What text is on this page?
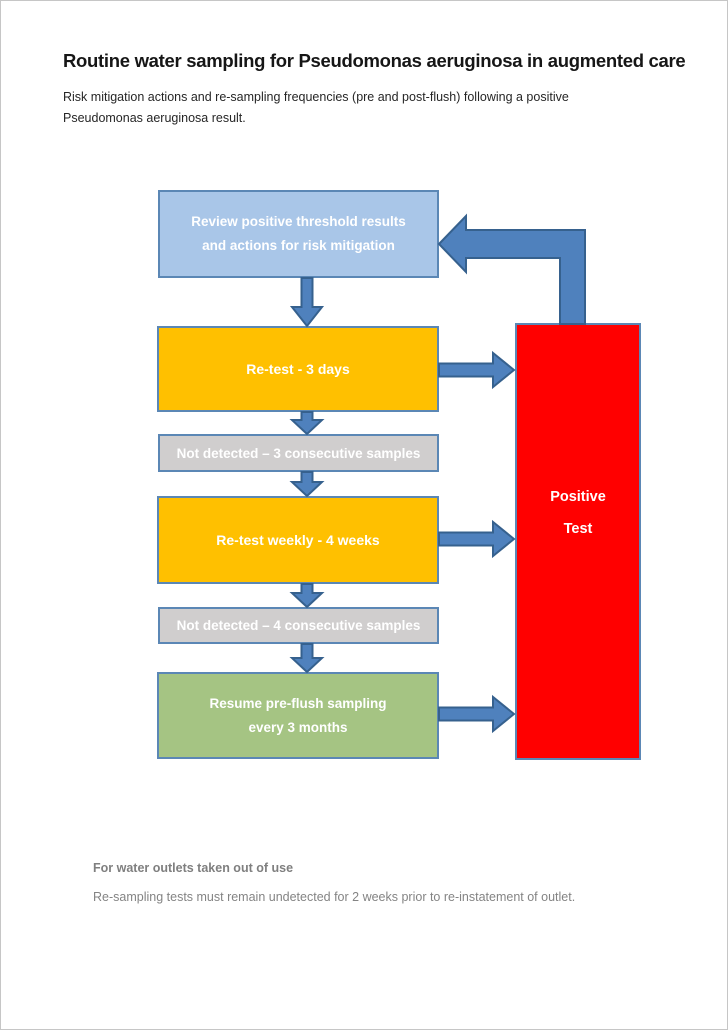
Routine water sampling for Pseudomonas aeruginosa in augmented care
Risk mitigation actions and re-sampling frequencies (pre and post-flush) following a positive Pseudomonas aeruginosa result.
Review positive threshold results
and actions for risk mitigation
Re-test - 3 days
Not detected – 3 consecutive samples
Re-test weekly - 4 weeks
Not detected – 4 consecutive samples
Resume pre-flush sampling
every 3 months
Positive
Test
For water outlets taken out of use
Re-sampling tests must remain undetected for 2 weeks prior to re-instatement of outlet.
